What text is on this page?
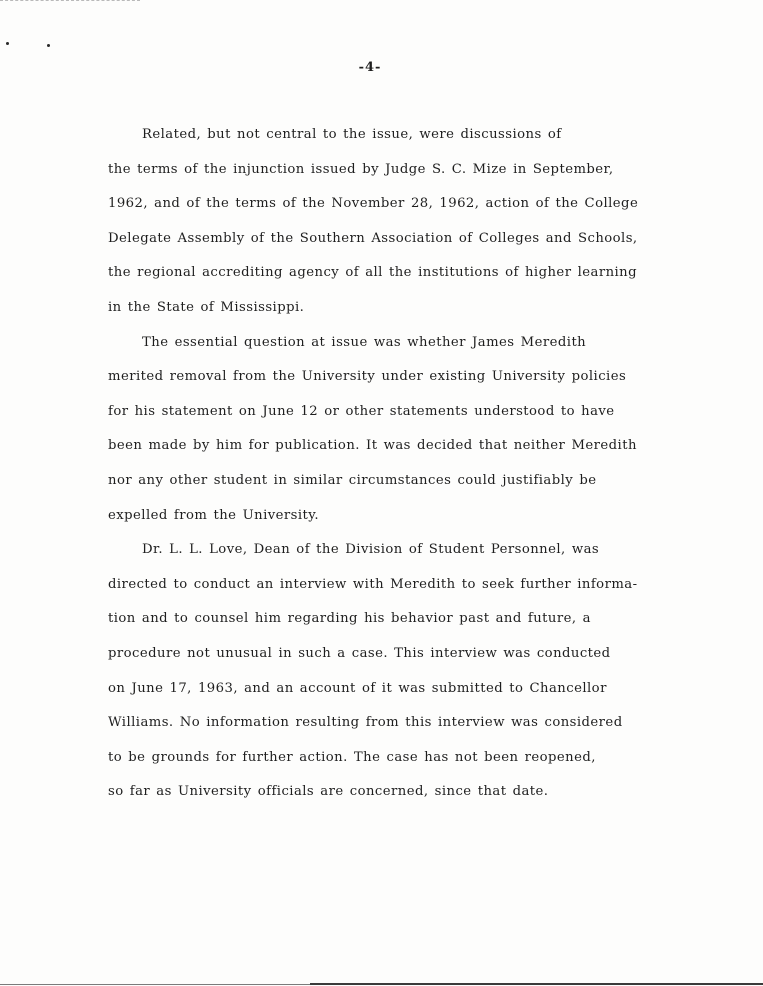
-4-
Related, but not central to the issue, were discussions of
the terms of the injunction issued by Judge S. C. Mize in September,
1962, and of the terms of the November 28, 1962, action of the College
Delegate Assembly of the Southern Association of Colleges and Schools,
the regional accrediting agency of all the institutions of higher learning
in the State of Mississippi.
The essential question at issue was whether James Meredith
merited removal from the University under existing University policies
for his statement on June 12 or other statements understood to have
been made by him for publication. It was decided that neither Meredith
nor any other student in similar circumstances could justifiably be
expelled from the University.
Dr. L. L. Love, Dean of the Division of Student Personnel, was
directed to conduct an interview with Meredith to seek further informa-
tion and to counsel him regarding his behavior past and future, a
procedure not unusual in such a case. This interview was conducted
on June 17, 1963, and an account of it was submitted to Chancellor
Williams. No information resulting from this interview was considered
to be grounds for further action. The case has not been reopened,
so far as University officials are concerned, since that date.
